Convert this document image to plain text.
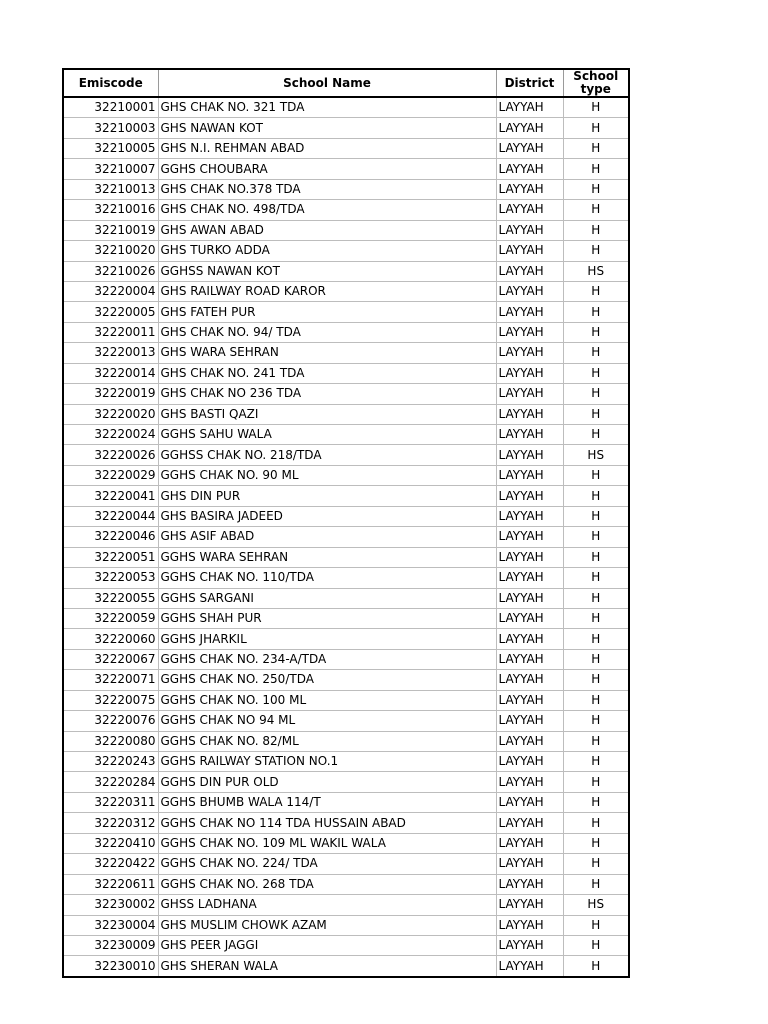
Emiscode	School Name	District	School
type

32210001	GHS CHAK NO. 321 TDA	LAYYAH	H
32210003	GHS NAWAN KOT	LAYYAH	H
32210005	GHS N.I. REHMAN ABAD	LAYYAH	H
32210007	GGHS CHOUBARA	LAYYAH	H
32210013	GHS CHAK NO.378 TDA	LAYYAH	H
32210016	GHS CHAK NO. 498/TDA	LAYYAH	H
32210019	GHS AWAN ABAD	LAYYAH	H
32210020	GHS TURKO ADDA	LAYYAH	H
32210026	GGHSS NAWAN KOT	LAYYAH	HS
32220004	GHS RAILWAY ROAD KAROR	LAYYAH	H
32220005	GHS FATEH PUR	LAYYAH	H
32220011	GHS CHAK NO. 94/ TDA	LAYYAH	H
32220013	GHS WARA SEHRAN	LAYYAH	H
32220014	GHS CHAK NO. 241 TDA	LAYYAH	H
32220019	GHS CHAK NO 236 TDA	LAYYAH	H
32220020	GHS BASTI QAZI	LAYYAH	H
32220024	GGHS SAHU WALA	LAYYAH	H
32220026	GGHSS CHAK NO. 218/TDA	LAYYAH	HS
32220029	GGHS CHAK NO. 90 ML	LAYYAH	H
32220041	GHS DIN PUR	LAYYAH	H
32220044	GHS BASIRA JADEED	LAYYAH	H
32220046	GHS ASIF ABAD	LAYYAH	H
32220051	GGHS WARA SEHRAN	LAYYAH	H
32220053	GGHS CHAK NO. 110/TDA	LAYYAH	H
32220055	GGHS SARGANI	LAYYAH	H
32220059	GGHS SHAH PUR	LAYYAH	H
32220060	GGHS JHARKIL	LAYYAH	H
32220067	GGHS CHAK NO. 234-A/TDA	LAYYAH	H
32220071	GGHS CHAK NO. 250/TDA	LAYYAH	H
32220075	GGHS CHAK NO. 100 ML	LAYYAH	H
32220076	GGHS CHAK NO 94 ML	LAYYAH	H
32220080	GGHS CHAK NO. 82/ML	LAYYAH	H
32220243	GGHS RAILWAY STATION NO.1	LAYYAH	H
32220284	GGHS DIN PUR OLD	LAYYAH	H
32220311	GGHS BHUMB WALA 114/T	LAYYAH	H
32220312	GGHS CHAK NO 114 TDA HUSSAIN ABAD	LAYYAH	H
32220410	GGHS CHAK NO. 109 ML WAKIL WALA	LAYYAH	H
32220422	GGHS CHAK NO. 224/ TDA	LAYYAH	H
32220611	GGHS CHAK NO. 268 TDA	LAYYAH	H
32230002	GHSS LADHANA	LAYYAH	HS
32230004	GHS MUSLIM CHOWK AZAM	LAYYAH	H
32230009	GHS PEER JAGGI	LAYYAH	H
32230010	GHS SHERAN WALA	LAYYAH	H
